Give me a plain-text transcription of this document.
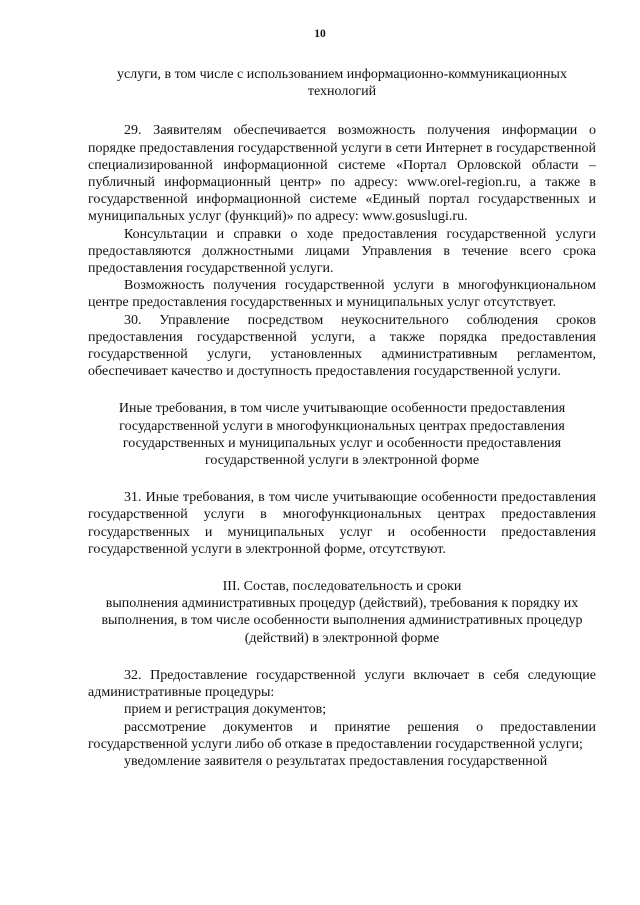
10

услуги, в том числе с использованием информационно-коммуникационных технологий

29. Заявителям обеспечивается возможность получения информации о порядке предоставления государственной услуги в сети Интернет в государственной специализированной информационной системе «Портал Орловской области – публичный информационный центр» по адресу: www.orel-region.ru, а также в государственной информационной системе «Единый портал государственных и муниципальных услуг (функций)» по адресу: www.gosuslugi.ru.

Консультации и справки о ходе предоставления государственной услуги предоставляются должностными лицами Управления в течение всего срока предоставления государственной услуги.

Возможность получения государственной услуги в многофункциональном центре предоставления государственных и муниципальных услуг отсутствует.

30. Управление посредством неукоснительного соблюдения сроков предоставления государственной услуги, а также порядка предоставления государственной услуги, установленных административным регламентом, обеспечивает качество и доступность предоставления государственной услуги.

Иные требования, в том числе учитывающие особенности предоставления государственной услуги в многофункциональных центрах предоставления государственных и муниципальных услуг и особенности предоставления государственной услуги в электронной форме

31. Иные требования, в том числе учитывающие особенности предоставления государственной услуги в многофункциональных центрах предоставления государственных и муниципальных услуг и особенности предоставления государственной услуги в электронной форме, отсутствуют.

III. Состав, последовательность и сроки

выполнения административных процедур (действий), требования к порядку их выполнения, в том числе особенности выполнения административных процедур (действий) в электронной форме

32. Предоставление государственной услуги включает в себя следующие административные процедуры:

прием и регистрация документов;

рассмотрение документов и принятие решения о предоставлении государственной услуги либо об отказе в предоставлении государственной услуги;

уведомление заявителя о результатах предоставления государственной
